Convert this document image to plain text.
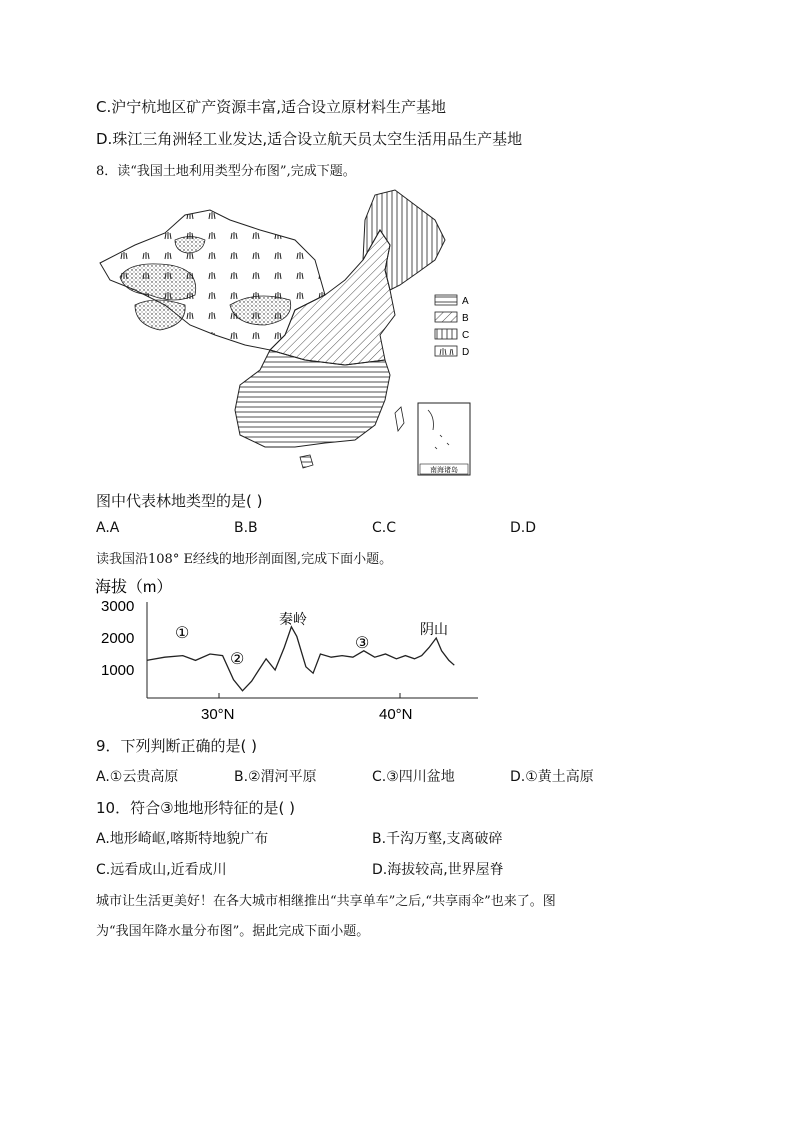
C.沪宁杭地区矿产资源丰富,适合设立原材料生产基地
D.珠江三角洲轻工业发达,适合设立航天员太空生活用品生产基地
8．读“我国土地利用类型分布图”,完成下题。
A
B
C
D
南海诸岛
图中代表林地类型的是( )
A.A	B.B	C.C	D.D
读我国沿108° E经线的地形剖面图,完成下面小题。
海拔（m）
3000
2000
1000
30°N	40°N
①
②
③
秦岭
阴山
9．下列判断正确的是( )
A.①云贵高原	B.②渭河平原	C.③四川盆地	D.①黄土高原
10．符合③地地形特征的是( )
A.地形崎岖,喀斯特地貌广布	B.千沟万壑,支离破碎
C.远看成山,近看成川	D.海拔较高,世界屋脊
城市让生活更美好！在各大城市相继推出“共享单车”之后,“共享雨伞”也来了。图
为“我国年降水量分布图”。据此完成下面小题。
